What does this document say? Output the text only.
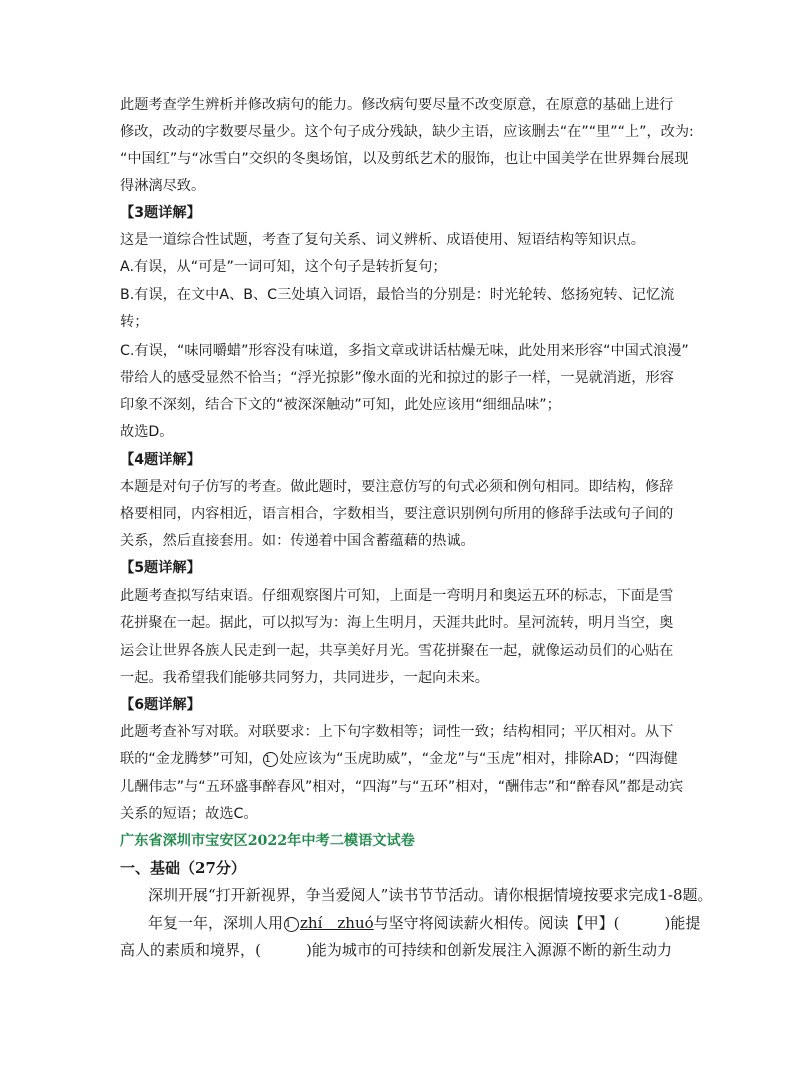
此题考查学生辨析并修改病句的能力。修改病句要尽量不改变原意，在原意的基础上进行
修改，改动的字数要尽量少。这个句子成分残缺，缺少主语，应该删去“在”“里”“上”，改为:
“中国红”与“冰雪白”交织的冬奥场馆，以及剪纸艺术的服饰，也让中国美学在世界舞台展现
得淋漓尽致。
【3题详解】
这是一道综合性试题，考查了复句关系、词义辨析、成语使用、短语结构等知识点。
A.有误，从“可是”一词可知，这个句子是转折复句；
B.有误，在文中A、B、C三处填入词语，最恰当的分别是：时光轮转、悠扬宛转、记忆流
转；
C.有误，“味同嚼蜡”形容没有味道，多指文章或讲话枯燥无味，此处用来形容“中国式浪漫”
带给人的感受显然不恰当；“浮光掠影”像水面的光和掠过的影子一样，一晃就消逝，形容
印象不深刻，结合下文的“被深深触动”可知，此处应该用“细细品味”；
故选D。
【4题详解】
本题是对句子仿写的考查。做此题时，要注意仿写的句式必须和例句相同。即结构，修辞
格要相同，内容相近，语言相合，字数相当，要注意识别例句所用的修辞手法或句子间的
关系，然后直接套用。如：传递着中国含蓄蕴藉的热诚。
【5题详解】
此题考查拟写结束语。仔细观察图片可知，上面是一弯明月和奥运五环的标志，下面是雪
花拼聚在一起。据此，可以拟写为：海上生明月，天涯共此时。星河流转，明月当空，奥
运会让世界各族人民走到一起，共享美好月光。雪花拼聚在一起，就像运动员们的心贴在
一起。我希望我们能够共同努力，共同进步，一起向未来。
【6题详解】
此题考查补写对联。对联要求：上下句字数相等；词性一致；结构相同；平仄相对。从下
联的“金龙腾梦”可知， 1 处应该为“玉虎助威”，“金龙”与“玉虎”相对，排除AD；“四海健
儿酬伟志”与“五环盛事醉春风”相对，“四海”与“五环”相对，“酬伟志”和“醉春风”都是动宾
关系的短语；故选C。
广东省深圳市宝安区2022年中考二模语文试卷
一、基础（27分）
深圳开展“打开新视界，争当爱阅人”读书节节活动。请你根据情境按要求完成1-8题。
年复一年，深圳人用 1 zhí　zhuó与坚守将阅读薪火相传。阅读【甲】(　　　	)能提
高人的素质和境界，(　　　	)能为城市的可持续和创新发展注入源源不断的新生动力
